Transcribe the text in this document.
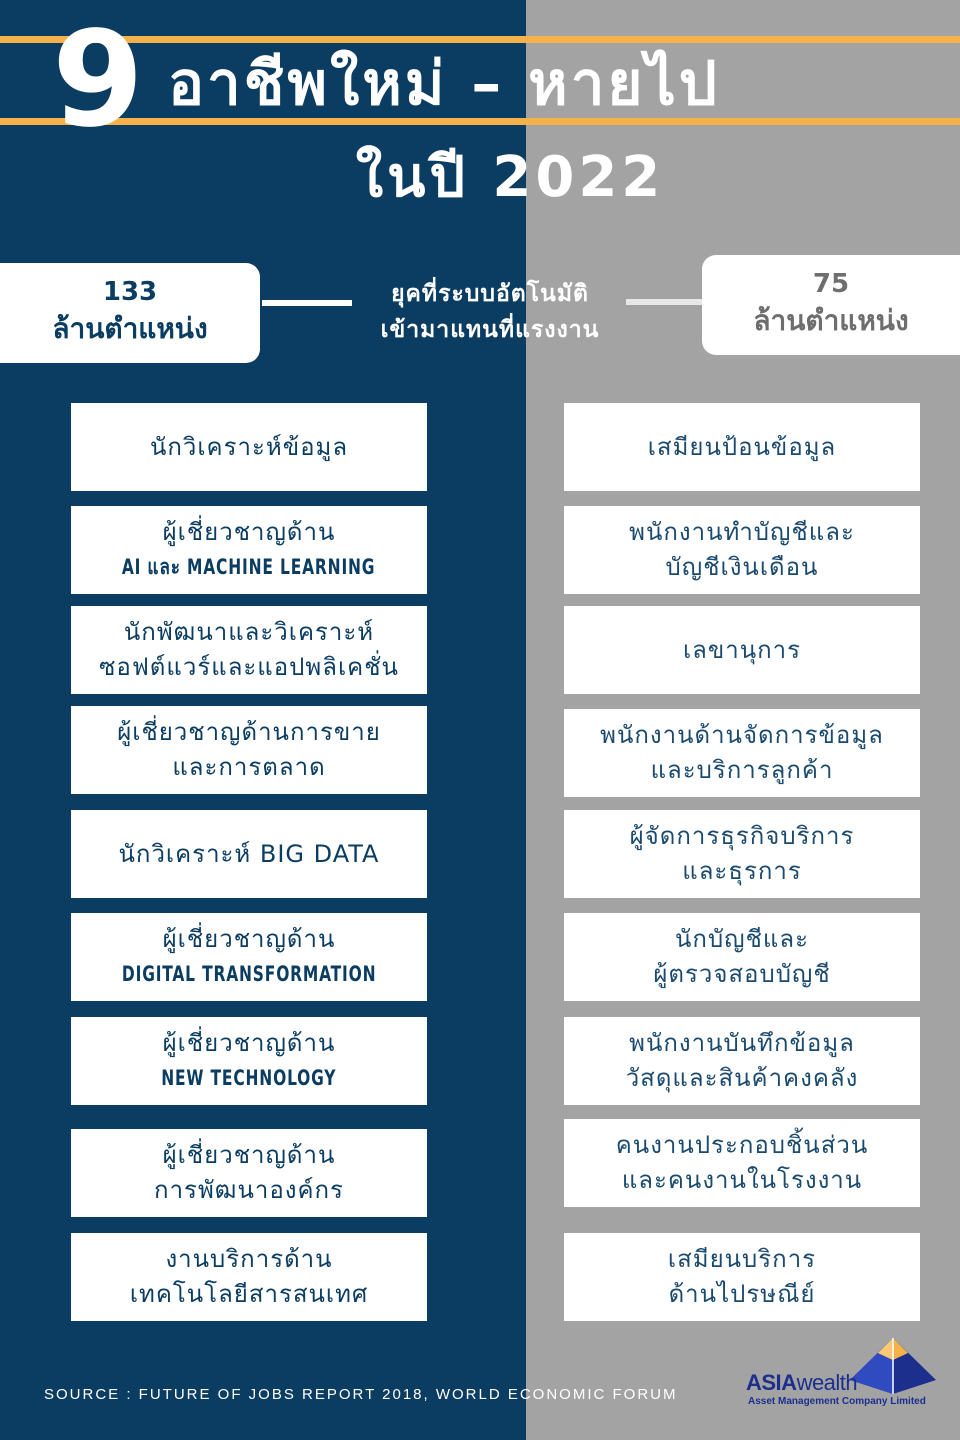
9 อาชีพใหม่ – หายไป
ในปี 2022
133
ล้านตำแหน่ง
75
ล้านตำแหน่ง
ยุคที่ระบบอัตโนมัติ
เข้ามาแทนที่แรงงาน
นักวิเคราะห์ข้อมูล
ผู้เชี่ยวชาญด้าน
AI และ MACHINE LEARNING
นักพัฒนาและวิเคราะห์
ซอฟต์แวร์และแอปพลิเคชั่น
ผู้เชี่ยวชาญด้านการขาย
และการตลาด
นักวิเคราะห์ BIG DATA
ผู้เชี่ยวชาญด้าน
DIGITAL TRANSFORMATION
ผู้เชี่ยวชาญด้าน
NEW TECHNOLOGY
ผู้เชี่ยวชาญด้าน
การพัฒนาองค์กร
งานบริการด้าน
เทคโนโลยีสารสนเทศ
เสมียนป้อนข้อมูล
พนักงานทำบัญชีและ
บัญชีเงินเดือน
เลขานุการ
พนักงานด้านจัดการข้อมูล
และบริการลูกค้า
ผู้จัดการธุรกิจบริการ
และธุรการ
นักบัญชีและ
ผู้ตรวจสอบบัญชี
พนักงานบันทึกข้อมูล
วัสดุและสินค้าคงคลัง
คนงานประกอบชิ้นส่วน
และคนงานในโรงงาน
เสมียนบริการ
ด้านไปรษณีย์
SOURCE : FUTURE OF JOBS REPORT 2018, WORLD ECONOMIC FORUM	ASIAwealth
Asset Management Company Limited
